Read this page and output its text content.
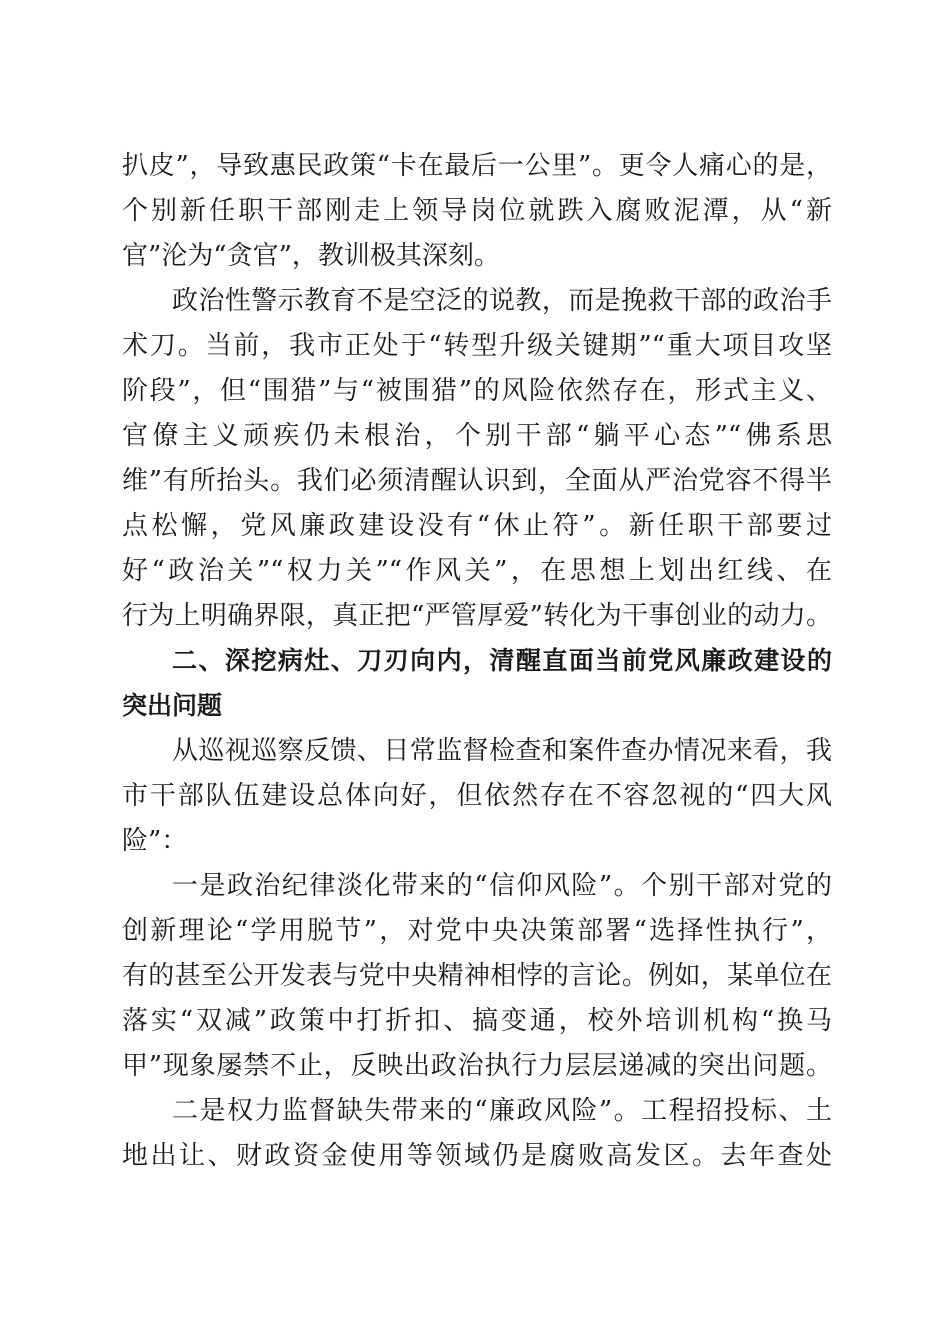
扒皮”，导致惠民政策“卡在最后一公里”。更令人痛心的是，
个别新任职干部刚走上领导岗位就跌入腐败泥潭，从“新
官”沦为“贪官”，教训极其深刻。
政治性警示教育不是空泛的说教，而是挽救干部的政治手
术刀。当前，我市正处于“转型升级关键期”“重大项目攻坚
阶段”，但“围猎”与“被围猎”的风险依然存在，形式主义、
官僚主义顽疾仍未根治，个别干部“躺平心态”“佛系思
维”有所抬头。我们必须清醒认识到，全面从严治党容不得半
点松懈，党风廉政建设没有“休止符”。新任职干部要过
好“政治关”“权力关”“作风关”，在思想上划出红线、在
行为上明确界限，真正把“严管厚爱”转化为干事创业的动力。
二、深挖病灶、刀刃向内，清醒直面当前党风廉政建设的
突出问题
从巡视巡察反馈、日常监督检查和案件查办情况来看，我
市干部队伍建设总体向好，但依然存在不容忽视的“四大风
险”：
一是政治纪律淡化带来的“信仰风险”。个别干部对党的
创新理论“学用脱节”，对党中央决策部署“选择性执行”，
有的甚至公开发表与党中央精神相悖的言论。例如，某单位在
落实“双减”政策中打折扣、搞变通，校外培训机构“换马
甲”现象屡禁不止，反映出政治执行力层层递减的突出问题。
二是权力监督缺失带来的“廉政风险”。工程招投标、土
地出让、财政资金使用等领域仍是腐败高发区。去年查处
